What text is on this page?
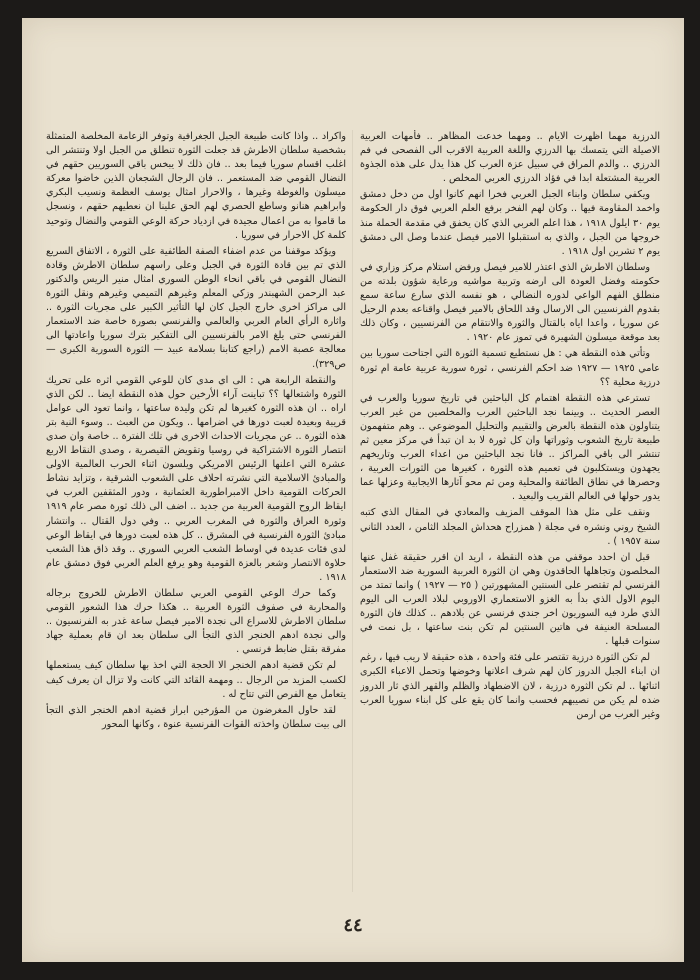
الدرزية مهما اظهرت الايام .. ومهما خدعت المظاهر .. فأمهات العربية الاصيلة التي يتمسك بها الدرزي واللغة العربية الاقرب الى الفصحى في فم الدرزي .. والدم المراق في سبيل عزة العرب كل هذا يدل على هذه الجذوة العربية المشتعلة ابدا في فؤاد الدرزي العربي المخلص .

ويكفي سلطان وابناء الجبل العربي فخرا انهم كانوا اول من دخل دمشق واخمد المقاومة فيها .. وكان لهم الفخر برفع العلم العربي فوق دار الحكومة يوم ٣٠ ايلول ١٩١٨ ، هذا اعلم العربي الذي كان يخفق في مقدمة الحملة منذ خروجها من الجبل ، والذي به استقبلوا الامير فيصل عندما وصل الى دمشق يوم ٢ تشرين اول ١٩١٨ .

وسلطان الاطرش الذي اعتذر للامير فيصل ورفض استلام مركز وزاري في حكومته وفضل العودة الى ارضه وتربية مواشيه ورعاية شؤون بلدته من منطلق الفهم الواعي لدوره النضالي ، هو نفسه الذي سارع ساعة سمع بقدوم الفرنسيين الى الارسال وقد اللحاق بالامير فيصل واقناعه بعدم الرحيل عن سوريا ، واعدا اياه بالقتال والثورة والانتقام من الفرنسيين ، وكان ذلك بعد موقعة ميسلون الشهيرة في تموز عام ١٩٢٠ .

وتأتي هذه النقطة هي : هل نستطيع تسمية الثورة التي اجتاحت سوريا بين عامي ١٩٢٥ — ١٩٢٧ ضد احكم الفرنسي ، ثورة سورية عربية عامة ام ثورة درزية محلية ؟؟

تسترعي هذه النقطة اهتمام كل الباحثين في تاريخ سوريا والعرب في العصر الحديث .. وبينما نجد الباحثين العرب والمخلصين من غير العرب يتناولون هذه النقطة بالعرض والتقييم والتحليل الموضوعي .. وهم متفهمون طبيعة تاريخ الشعوب وثوراتها وان كل ثورة لا بد ان تبدأ في مركز معين ثم تنتشر الى باقي المراكز .. فانا نجد الباحثين من اعداء العرب وتاريخهم يجهدون ويستكلبون في تعميم هذه الثورة ، كغيرها من الثورات العربية ، وحصرها في نطاق الطائفة والمحلية ومن ثم محو آثارها الايجابية وعزلها عما يدور حولها في العالم القريب والبعيد .

ونقف على مثل هذا الموقف المزيف والمعادي في المقال الذي كتبه الشيخ روني ونشره في مجلة ( همزراح هحداش المجلد الثامن ، العدد الثاني سنة ١٩٥٧ ) .

قبل ان احدد موقفي من هذه النقطة ، اريد ان اقرر حقيقة غفل عنها المخلصون وتجاهلها الحاقدون وهي ان الثورة العربية السورية ضد الاستعمار الفرنسي لم تقتصر على السنتين المشهورتين ( ٢٥ — ١٩٢٧ ) وانما تمتد من اليوم الاول الذي بدأ به الغزو الاستعماري الاوروبي لبلاد العرب الى اليوم الذي طرد فيه السوريون اخر جندي فرنسي عن بلادهم .. كذلك فان الثورة المسلحة العنيفة في هاتين السنتين لم تكن بنت ساعتها ، بل نمت في سنوات قبلها .

لم تكن الثورة درزية تقتصر على فئة واحدة ، هذه حقيقة لا ريب فيها ، رغم ان ابناء الجبل الدروز كان لهم شرف اعلانها وخوضها وتحمل الاعباء الكبرى اثنائها .. لم تكن الثورة درزية ، لان الاضطهاد والظلم والقهر الذي ثار الدروز ضده لم يكن من نصيبهم فحسب وانما كان يقع على كل ابناء سوريا العرب وغير العرب من ارمن

واكراد .. واذا كانت طبيعة الجبل الجغرافية وتوفر الزعامة المخلصة المتمثلة بشخصية سلطان الاطرش قد جعلت الثورة تنطلق من الجبل اولا وتنتشر الى اغلب اقسام سوريا فيما بعد .. فان ذلك لا يبخس باقي السوريين حقهم في النضال القومي ضد المستعمر .. فان الرجال الشجعان الذين خاضوا معركة ميسلون والغوطة وغيرها ، والاحرار امثال يوسف العظمة ونسيب البكري وابراهيم هنانو وساطع الحصري لهم الحق علينا ان نعطيهم حقهم ، ونسجل ما قاموا به من اعمال مجيدة في ازدياد حركة الوعي القومي والنضال وتوحيد كلمة كل الاحرار في سوريا .

ويؤكد موقفنا من عدم اضفاء الصفة الطائفية على الثورة ، الاتفاق السريع الذي تم بين قادة الثورة في الجبل وعلى راسهم سلطان الاطرش وقادة النضال القومي في باقي انحاء الوطن السوري امثال منير الريس والدكتور عبد الرحمن الشهبندر وزكي المعلم وغيرهم التميمي وغيرهم ونقل الثورة الى مراكز اخرى خارج الجبل كان لها التأثير الكبير على مجريات الثورة .. واثارة الرأي العام العربي والعالمي والفرنسي بصورة خاصة ضد الاستعمار الفرنسي حتى يلغ الامر بالفرنسيين الى التفكير بترك سوريا واعادتها الى معالجة عصبة الامم (راجع كتابنا بسلامة عبيد — الثورة السورية الكبرى — ص٣٢٩).

والنقطة الرابعة هي : الى اي مدى كان للوعي القومي اثره على تحريك الثورة واشتعالها ؟؟ تباينت آراء الأرخين حول هذه النقطة ايضا .. لكن الذي اراه .. ان هذه الثورة كغيرها لم تكن وليدة ساعتها ، وانما تعود الى عوامل قريبة وبعيدة لعبت دورها في اضرامها .. ويكون من العبث .. وسوء النية بتر هذه الثورة .. عن مجريات الاحداث الاخرى في تلك الفترة .. خاصة وان صدى انتصار الثورة الاشتراكية في روسيا وتقويض القيصرية ، وصدى النقاط الاربع عشرة التي اعلنها الرئيس الامريكي ويلسون اثناء الحرب العالمية الاولى والمبادئ الاسلامية التي نشرته احلاف على الشعوب الشرقية ، وتزايد نشاط الحركات القومية داخل الامبراطورية العثمانية ، ودور المثقفين العرب في ايقاظ الروح القومية العربية من جديد .. اضف الى ذلك ثورة مصر عام ١٩١٩ وثورة العراق والثورة في المغرب العربي .. وفي دول القتال .. وانتشار مبادئ الثورة الفرنسية في المشرق .. كل هذه لعبت دورها في ايقاظ الوعي لدى فئات عديدة في اوساط الشعب العربي السوري .. وقد ذاق هذا الشعب حلاوة الانتصار وشعر بالعزة القومية وهو يرفع العلم العربي فوق دمشق عام ١٩١٨ .

وكما حرك الوعي القومي العربي سلطان الاطرش للخروج برجاله والمحاربة في صفوف الثورة العربية .. هكذا حرك هذا الشعور القومي سلطان الاطرش للاسراع الى نجدة الامير فيصل ساعة غدر به الفرنسيون .. والى نجدة ادهم الخنجر الذي التجأ الى سلطان بعد ان قام بعملية جهاد مفرقة بقتل ضابط فرنسي .

لم تكن قضية ادهم الخنجر الا الحجة التي اخذ بها سلطان كيف يستعملها لكسب المزيد من الرجال .. ومهمة القائد التي كانت ولا تزال ان يعرف كيف يتعامل مع الفرص التي تتاح له .

لقد حاول المغرضون من المؤرخين ابراز قضية ادهم الخنجر الذي التجأ الى بيت سلطان واخذته القوات الفرنسية عنوة ، وكانها المحور

٤٤
